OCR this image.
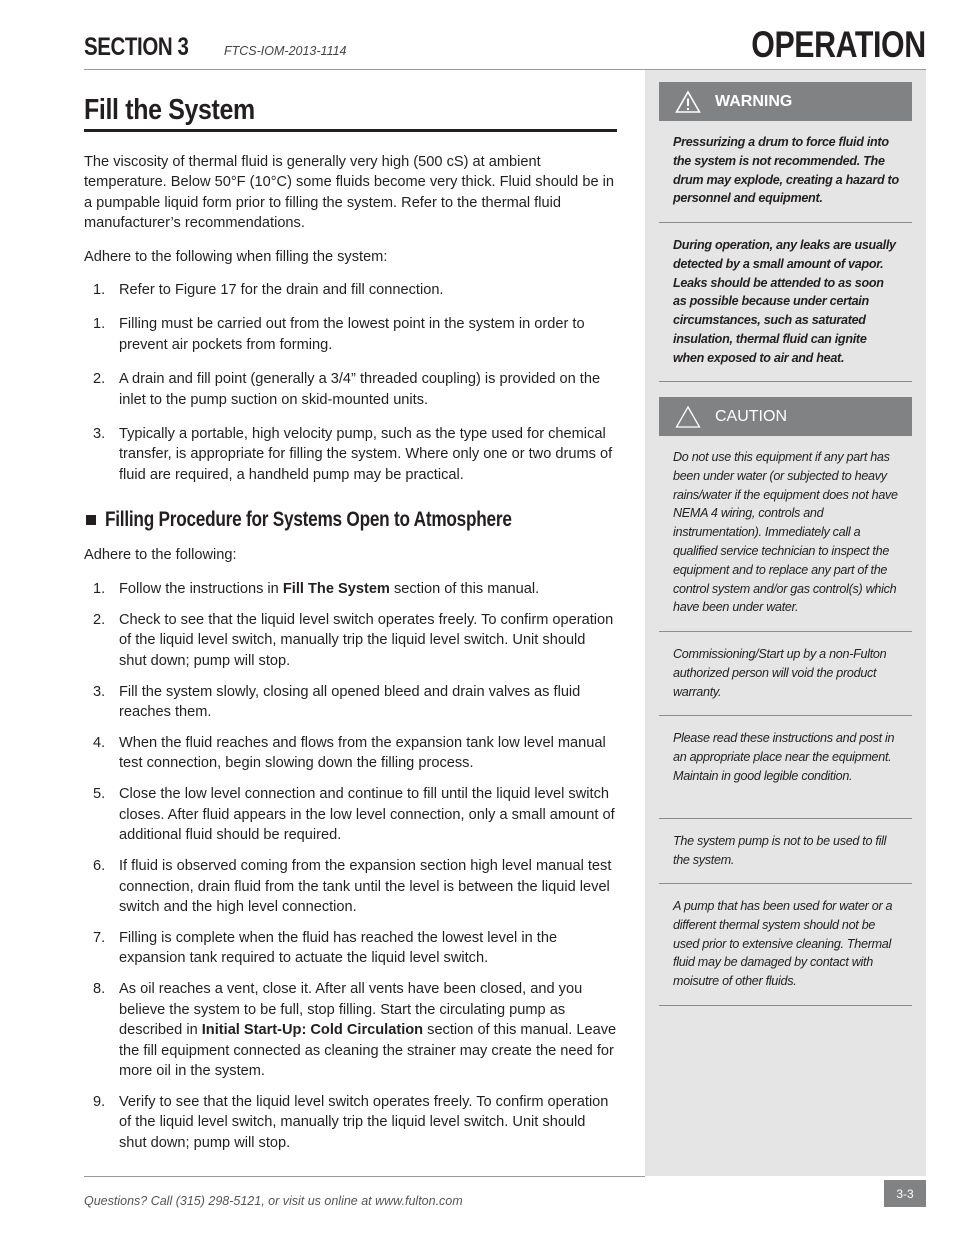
SECTION 3	FTCS-IOM-2013-1114	OPERATION
Fill the System

The viscosity of thermal fluid is generally very high (500 cS) at ambient temperature. Below 50°F (10°C) some fluids become very thick. Fluid should be in a pumpable liquid form prior to filling the system. Refer to the thermal fluid manufacturer’s recommendations.

Adhere to the following when filling the system:

1. Refer to Figure 17 for the drain and fill connection.
1. Filling must be carried out from the lowest point in the system in order to prevent air pockets from forming.
2. A drain and fill point (generally a 3/4” threaded coupling) is provided on the inlet to the pump suction on skid-mounted units.
3. Typically a portable, high velocity pump, such as the type used for chemical transfer, is appropriate for filling the system. Where only one or two drums of fluid are required, a handheld pump may be practical.
Filling Procedure for Systems Open to Atmosphere

Adhere to the following:

1. Follow the instructions in Fill The System section of this manual.
2. Check to see that the liquid level switch operates freely. To confirm operation of the liquid level switch, manually trip the liquid level switch. Unit should shut down; pump will stop.
3. Fill the system slowly, closing all opened bleed and drain valves as fluid reaches them.
4. When the fluid reaches and flows from the expansion tank low level manual test connection, begin slowing down the filling process.
5. Close the low level connection and continue to fill until the liquid level switch closes. After fluid appears in the low level connection, only a small amount of additional fluid should be required.
6. If fluid is observed coming from the expansion section high level manual test connection, drain fluid from the tank until the level is between the liquid level switch and the high level connection.
7. Filling is complete when the fluid has reached the lowest level in the expansion tank required to actuate the liquid level switch.
8. As oil reaches a vent, close it. After all vents have been closed, and you believe the system to be full, stop filling. Start the circulating pump as described in Initial Start-Up: Cold Circulation section of this manual. Leave the fill equipment connected as cleaning the strainer may create the need for more oil in the system.
9. Verify to see that the liquid level switch operates freely. To confirm operation of the liquid level switch, manually trip the liquid level switch. Unit should shut down; pump will stop.
WARNING

Pressurizing a drum to force fluid into the system is not recommended. The drum may explode, creating a hazard to personnel and equipment.

During operation, any leaks are usually detected by a small amount of vapor. Leaks should be attended to as soon as possible because under certain circumstances, such as saturated insulation, thermal fluid can ignite when exposed to air and heat.

CAUTION

Do not use this equipment if any part has been under water (or subjected to heavy rains/water if the equipment does not have NEMA 4 wiring, controls and instrumentation). Immediately call a qualified service technician to inspect the equipment and to replace any part of the control system and/or gas control(s) which have been under water.

Commissioning/Start up by a non-Fulton authorized person will void the product warranty.

Please read these instructions and post in an appropriate place near the equipment. Maintain in good legible condition.

The system pump is not to be used to fill the system.

A pump that has been used for water or a different thermal system should not be used prior to extensive cleaning. Thermal fluid may be damaged by contact with moisutre of other fluids.

Questions? Call (315) 298-5121, or visit us online at www.fulton.com
3-3
